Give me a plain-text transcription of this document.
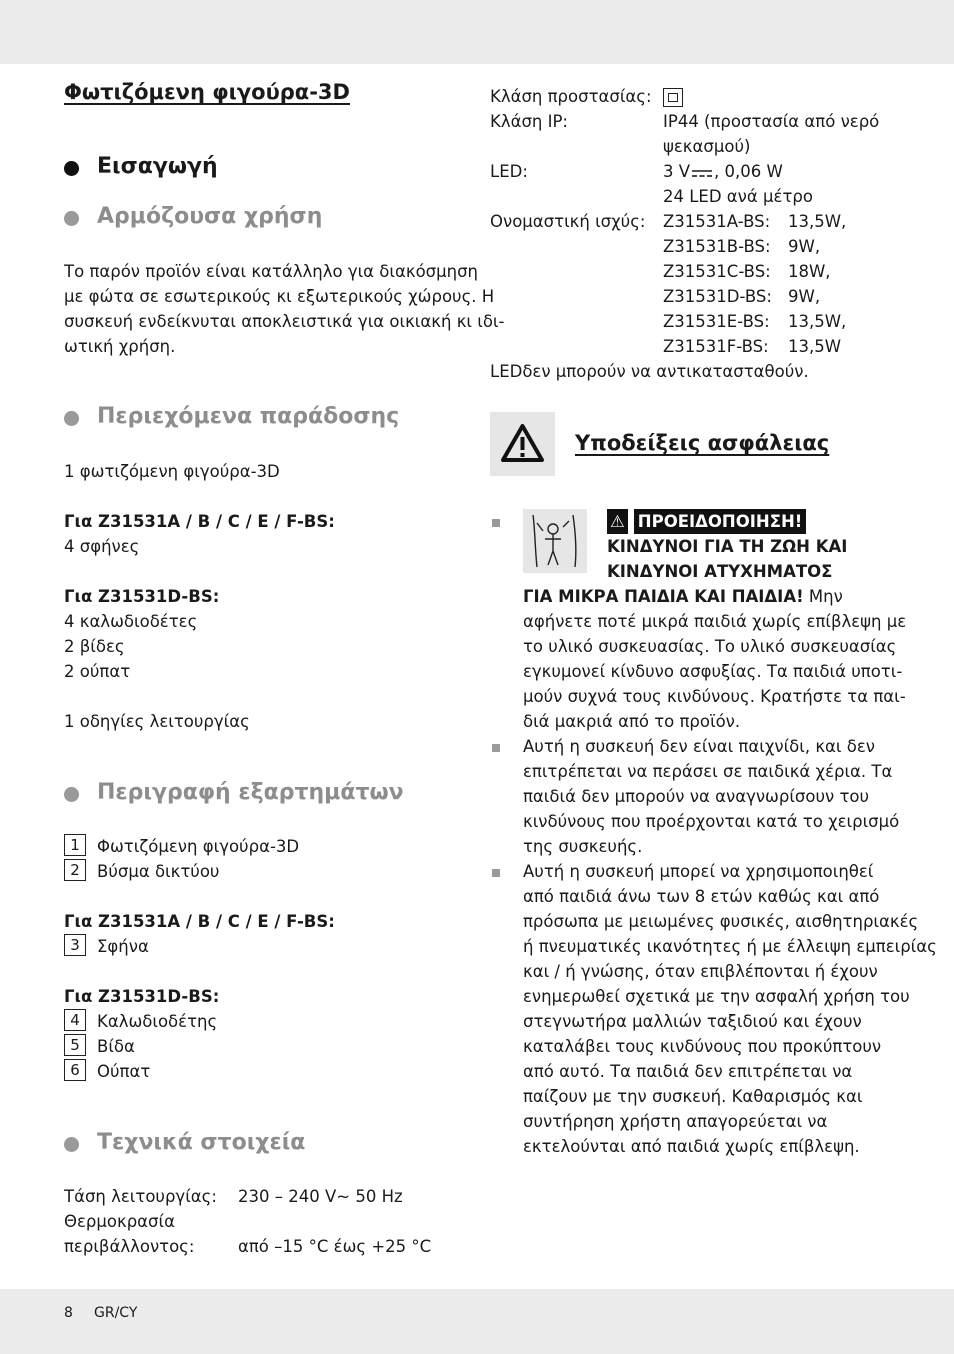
Φωτιζόμενη φιγούρα-3D
Εισαγωγή
Αρμόζουσα χρήση
Το παρόν προϊόν είναι κατάλληλο για διακόσμηση
με φώτα σε εσωτερικούς κι εξωτερικούς χώρους. Η
συσκευή ενδείκνυται αποκλειστικά για οικιακή κι ιδι-
ωτική χρήση.
Περιεχόμενα παράδοσης
1 φωτιζόμενη φιγούρα-3D
Για Z31531A / B / C / E / F-BS:
4 σφήνες
Για Z31531D-BS:
4 καλωδιοδέτες
2 βίδες
2 ούπατ
1 οδηγίες λειτουργίας
Περιγραφή εξαρτημάτων
1	Φωτιζόμενη φιγούρα-3D
2	Βύσμα δικτύου
Για Z31531A / B / C / E / F-BS:
3	Σφήνα
Για Z31531D-BS:
4	Καλωδιοδέτης
5	Βίδα
6	Ούπατ
Τεχνικά στοιχεία
Τάση λειτουργίας: 230 – 240 V~ 50 Hz
Θερμοκρασία
περιβάλλοντος:	από –15 °C έως +25 °C
Κλάση προστασίας:
Κλάση IP:	IP44 (προστασία από νερό
ψεκασμού)
LED:	3 V , 0,06 W
24 LED ανά μέτρο
Ονομαστική ισχύς: Z31531A-BS: 13,5W,
Z31531B-BS: 9W,
Z31531C-BS: 18W,
Z31531D-BS: 9W,
Z31531E-BS: 13,5W,
Z31531F-BS: 13,5W
LEDδεν μπορούν να αντικατασταθούν.
Υποδείξεις ασφάλειας
⚠ ΠΡΟΕΙΔΟΠΟΙΗΣΗ!
ΚΙΝΔΥΝΟΙ ΓΙΑ ΤΗ ΖΩΗ ΚΑΙ
ΚΙΝΔΥΝΟΙ ΑΤΥΧΗΜΑΤΟΣ
ΓΙΑ ΜΙΚΡΑ ΠΑΙΔΙΑ ΚΑΙ ΠΑΙΔΙΑ! Μην
αφήνετε ποτέ μικρά παιδιά χωρίς επίβλεψη με
το υλικό συσκευασίας. Το υλικό συσκευασίας
εγκυμονεί κίνδυνο ασφυξίας. Τα παιδιά υποτι-
μούν συχνά τους κινδύνους. Κρατήστε τα παι-
διά μακριά από το προϊόν.
Αυτή η συσκευή δεν είναι παιχνίδι, και δεν
επιτρέπεται να περάσει σε παιδικά χέρια. Τα
παιδιά δεν μπορούν να αναγνωρίσουν του
κινδύνους που προέρχονται κατά το χειρισμό
της συσκευής.
Αυτή η συσκευή μπορεί να χρησιμοποιηθεί
από παιδιά άνω των 8 ετών καθώς και από
πρόσωπα με μειωμένες φυσικές, αισθητηριακές
ή πνευματικές ικανότητες ή με έλλειψη εμπειρίας
και / ή γνώσης, όταν επιβλέπονται ή έχουν
ενημερωθεί σχετικά με την ασφαλή χρήση του
στεγνωτήρα μαλλιών ταξιδιού και έχουν
καταλάβει τους κινδύνους που προκύπτουν
από αυτό. Τα παιδιά δεν επιτρέπεται να
παίζουν με την συσκευή. Καθαρισμός και
συντήρηση χρήστη απαγορεύεται να
εκτελούνται από παιδιά χωρίς επίβλεψη.
8 GR/CY
